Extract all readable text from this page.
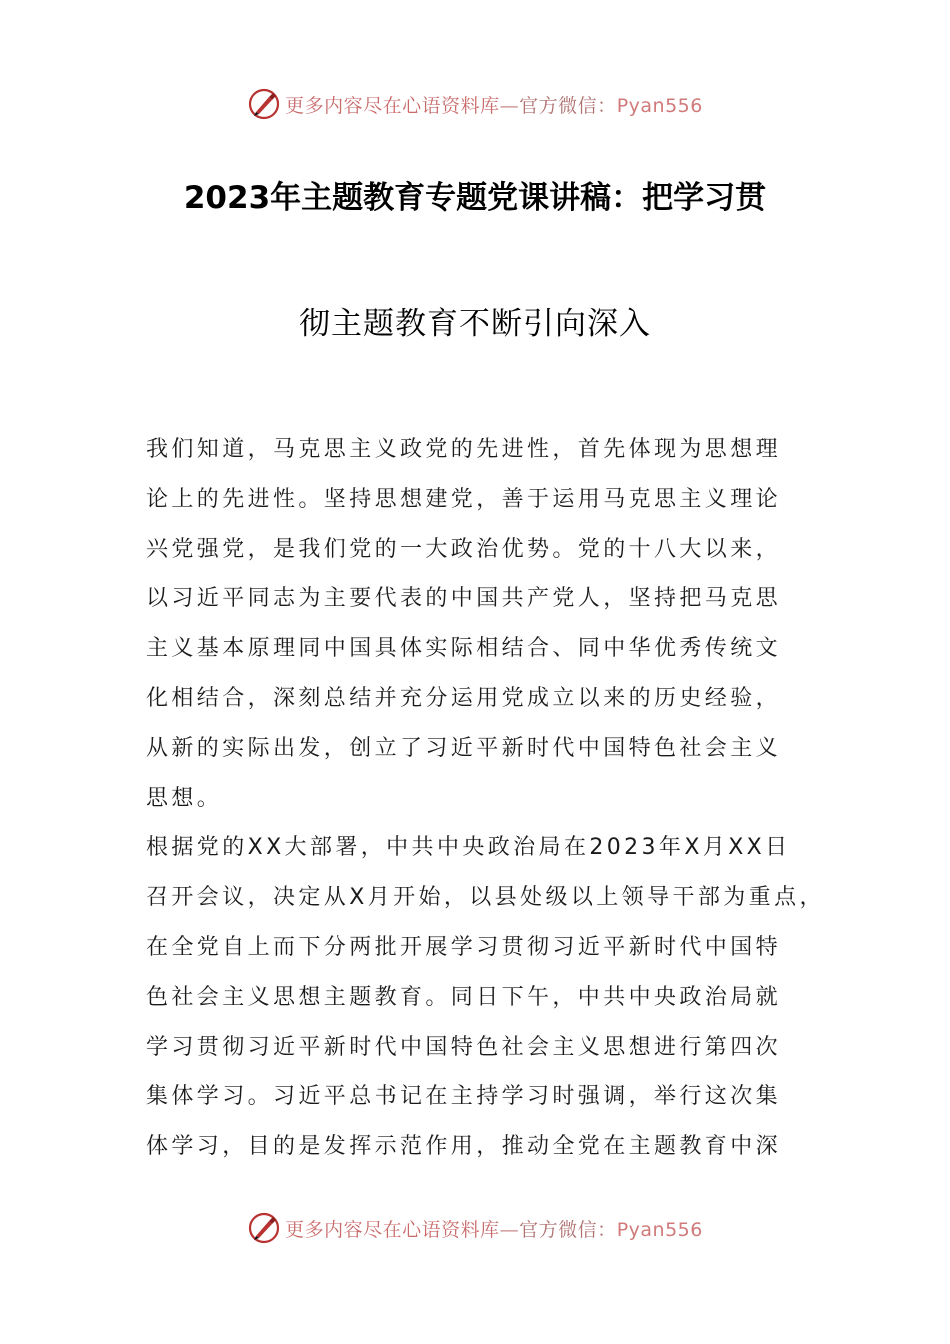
更多内容尽在心语资料库—官方微信：Pyan556
2023年主题教育专题党课讲稿：把学习贯
彻主题教育不断引向深入
我们知道，马克思主义政党的先进性，首先体现为思想理
论上的先进性。坚持思想建党，善于运用马克思主义理论
兴党强党，是我们党的一大政治优势。党的十八大以来，
以习近平同志为主要代表的中国共产党人，坚持把马克思
主义基本原理同中国具体实际相结合、同中华优秀传统文
化相结合，深刻总结并充分运用党成立以来的历史经验，
从新的实际出发，创立了习近平新时代中国特色社会主义
思想。
根据党的XX大部署，中共中央政治局在2023年X月XX日
召开会议，决定从X月开始，以县处级以上领导干部为重点，
在全党自上而下分两批开展学习贯彻习近平新时代中国特
色社会主义思想主题教育。同日下午，中共中央政治局就
学习贯彻习近平新时代中国特色社会主义思想进行第四次
集体学习。习近平总书记在主持学习时强调，举行这次集
体学习，目的是发挥示范作用，推动全党在主题教育中深
更多内容尽在心语资料库—官方微信：Pyan556
